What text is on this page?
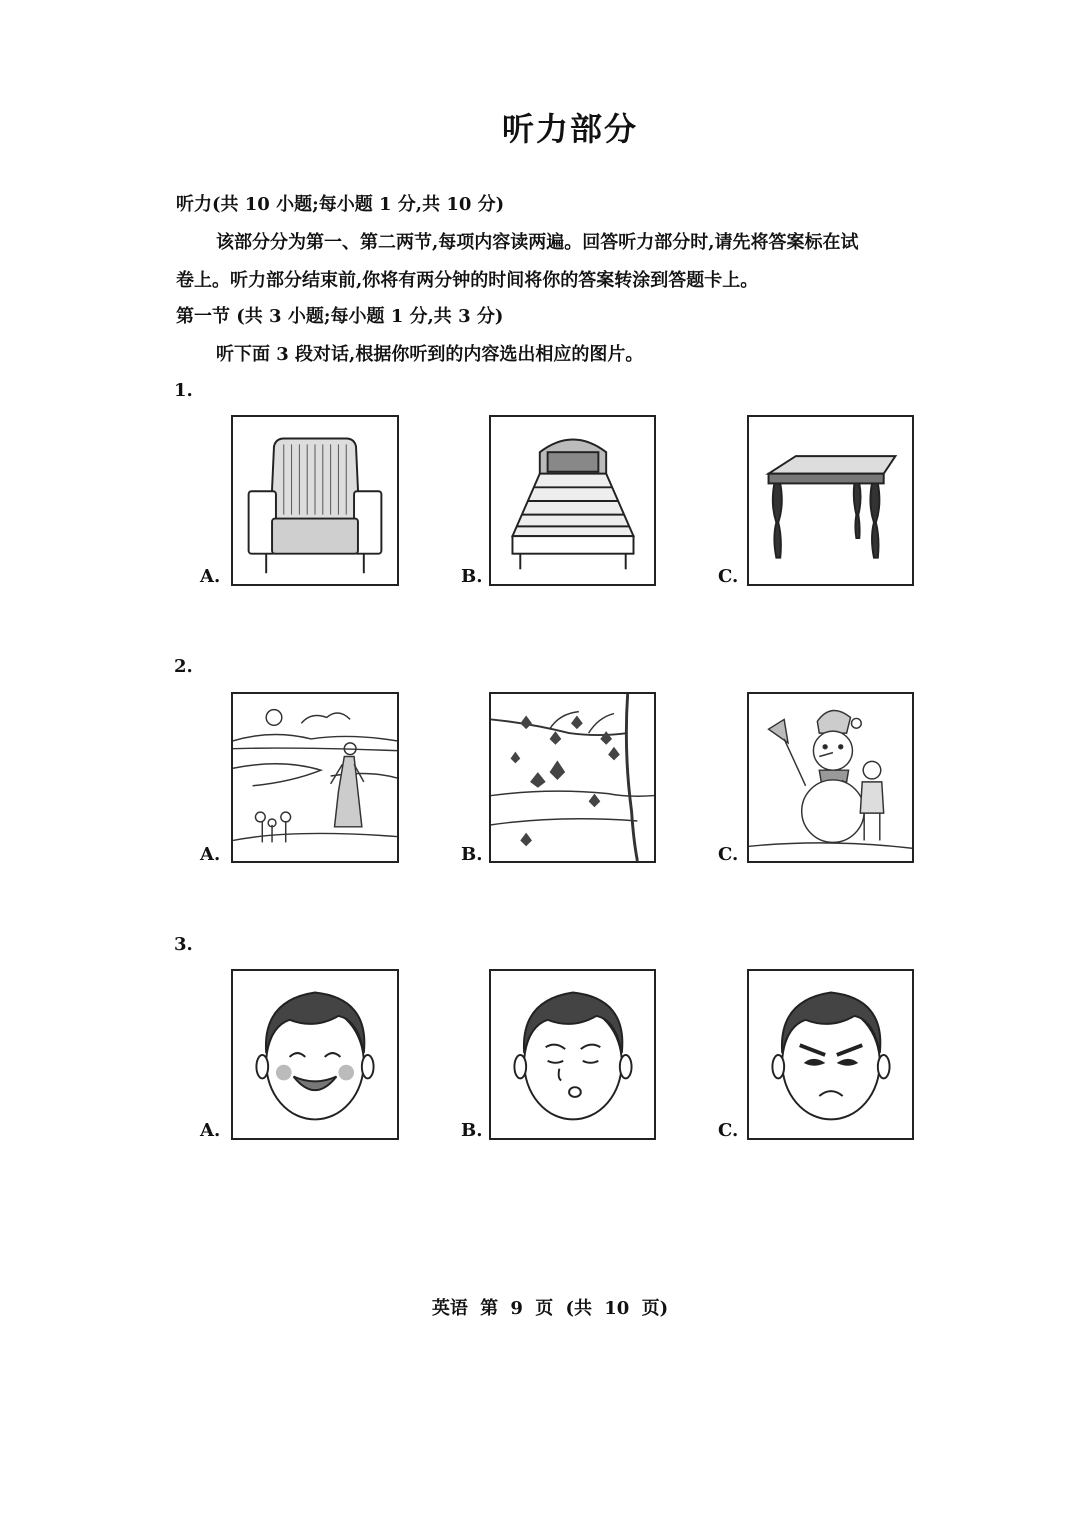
听力部分
听力(共 10 小题;每小题 1 分,共 10 分)
该部分分为第一、第二两节,每项内容读两遍。回答听力部分时,请先将答案标在试
卷上。听力部分结束前,你将有两分钟的时间将你的答案转涂到答题卡上。
第一节 (共 3 小题;每小题 1 分,共 3 分)
听下面 3 段对话,根据你听到的内容选出相应的图片。
1.
A.	B.	C.
2.
A.	B.	C.
3.
A.	B.	C.
英语 第 9 页 (共 10 页)
